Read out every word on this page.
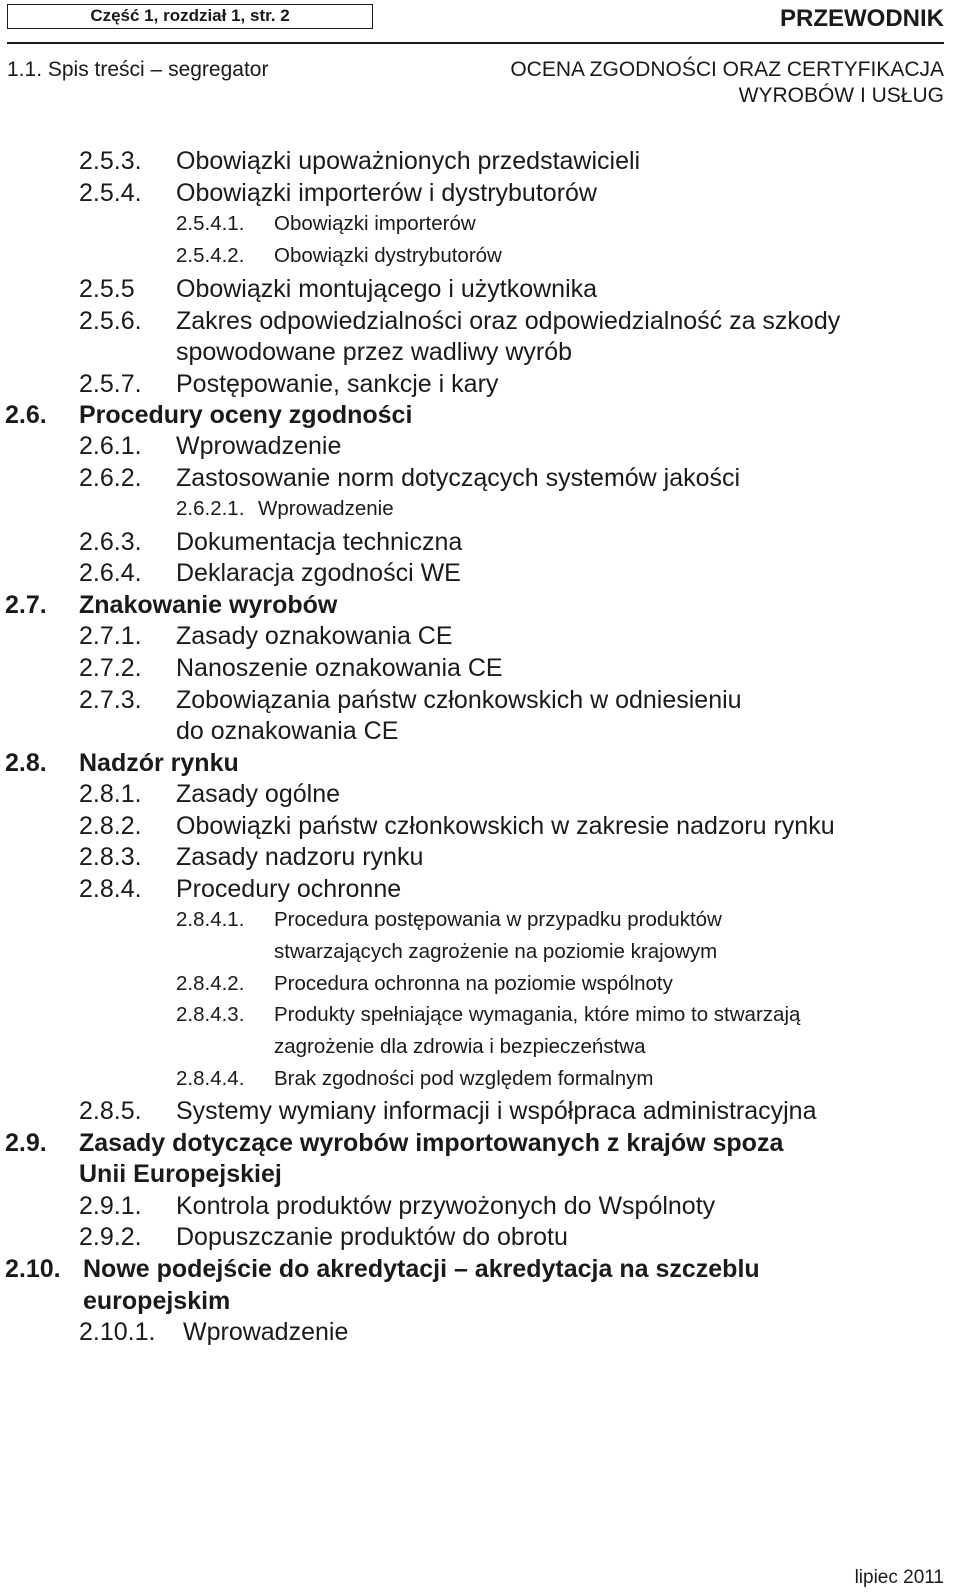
Część 1, rozdział 1, str. 2	PRZEWODNIK
1.1. Spis treści – segregator	OCENA ZGODNOŚCI ORAZ CERTYFIKACJA
WYROBÓW I USŁUG
2.5.3. Obowiązki upoważnionych przedstawicieli
2.5.4. Obowiązki importerów i dystrybutorów
2.5.4.1. Obowiązki importerów
2.5.4.2. Obowiązki dystrybutorów
2.5.5 Obowiązki montującego i użytkownika
2.5.6. Zakres odpowiedzialności oraz odpowiedzialność za szkody
spowodowane przez wadliwy wyrób
2.5.7. Postępowanie, sankcje i kary
2.6. Procedury oceny zgodności
2.6.1. Wprowadzenie
2.6.2. Zastosowanie norm dotyczących systemów jakości
2.6.2.1. Wprowadzenie
2.6.3. Dokumentacja techniczna
2.6.4. Deklaracja zgodności WE
2.7. Znakowanie wyrobów
2.7.1. Zasady oznakowania CE
2.7.2. Nanoszenie oznakowania CE
2.7.3. Zobowiązania państw członkowskich w odniesieniu
do oznakowania CE
2.8. Nadzór rynku
2.8.1. Zasady ogólne
2.8.2. Obowiązki państw członkowskich w zakresie nadzoru rynku
2.8.3. Zasady nadzoru rynku
2.8.4. Procedury ochronne
2.8.4.1. Procedura postępowania w przypadku produktów
stwarzających zagrożenie na poziomie krajowym
2.8.4.2. Procedura ochronna na poziomie wspólnoty
2.8.4.3. Produkty spełniające wymagania, które mimo to stwarzają
zagrożenie dla zdrowia i bezpieczeństwa
2.8.4.4. Brak zgodności pod względem formalnym
2.8.5. Systemy wymiany informacji i współpraca administracyjna
2.9. Zasady dotyczące wyrobów importowanych z krajów spoza
Unii Europejskiej
2.9.1. Kontrola produktów przywożonych do Wspólnoty
2.9.2. Dopuszczanie produktów do obrotu
2.10. Nowe podejście do akredytacji – akredytacja na szczeblu
europejskim
2.10.1. Wprowadzenie
lipiec 2011
